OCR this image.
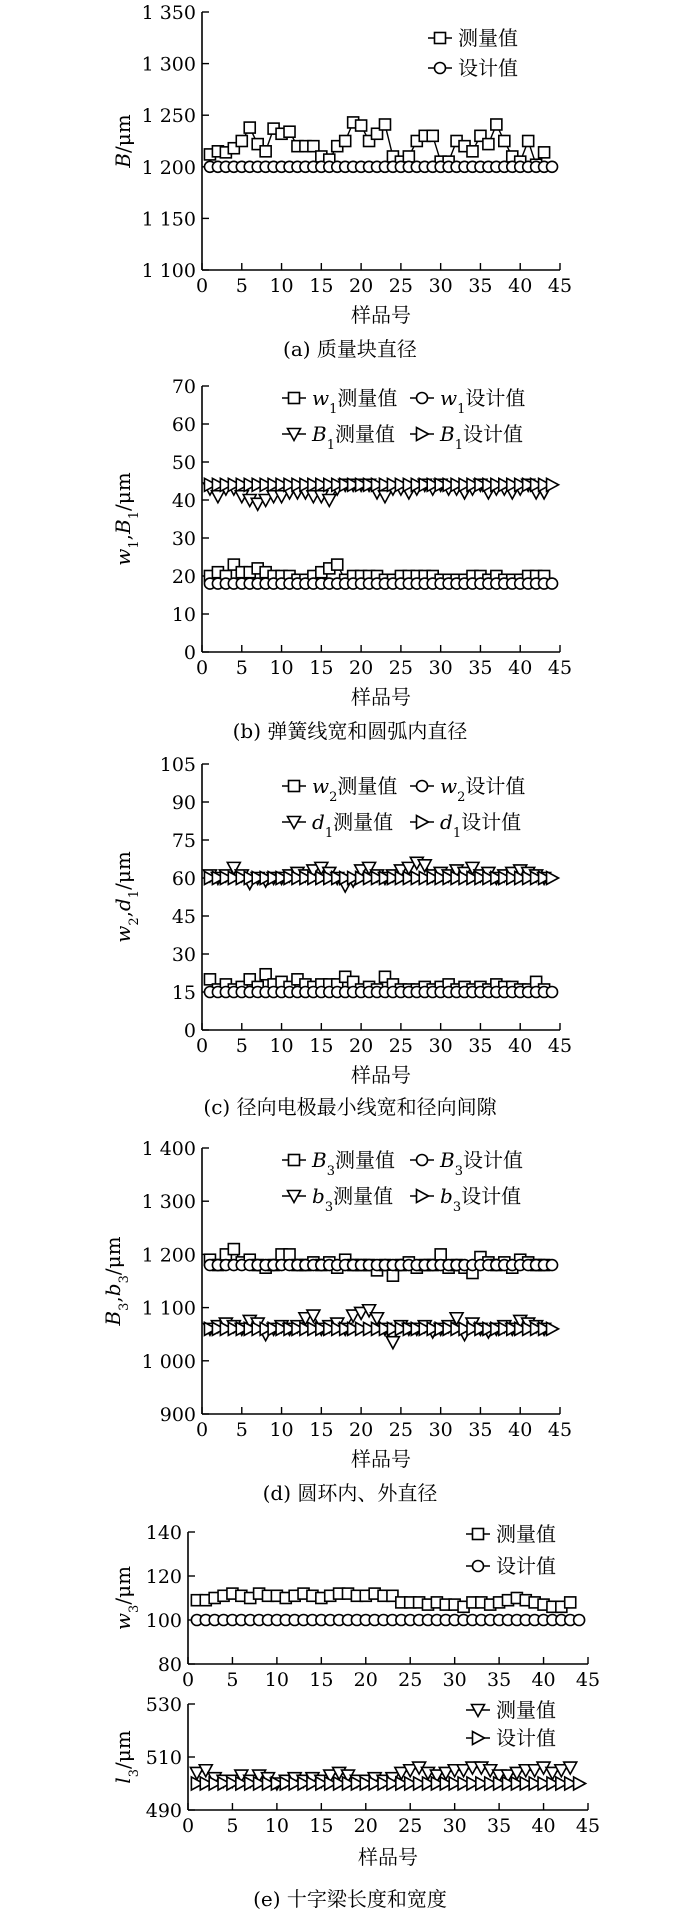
1 100
1 150
1 200
1 250
1 300
1 350
0 5 10 15 20 25 30 35 40 45
B/μm
样品号
(a) 质量块直径
测量值
设计值
0
10
20
30
40
50
60
70
0 5 10 15 20 25 30 35 40 45
$w_1,B_1/\mu m$
样品号
(b) 弹簧线宽和圆弧内直径
$w_1$测量值 $w_1$设计值
$B_1$测量值 $B_1$设计值
0
15
30
45
60
75
90
105
0 5 10 15 20 25 30 35 40 45
$w_2,d_1/\mu m$
样品号
(c) 径向电极最小线宽和径向间隙
$w_2$测量值 $w_2$设计值
$d_1$测量值 $d_1$设计值
900
1 000
1 100
1 200
1 300
1 400
0 5 10 15 20 25 30 35 40 45
$B_3,b_3/\mu m$
样品号
(d) 圆环内、外直径
$B_3$测量值 $B_3$设计值
$b_3$测量值 $b_3$设计值
80
100
120
140
0 5 10 15 20 25 30 35 40 45
$w_3/\mu m$
测量值
设计值
490
510
530
0 5 10 15 20 25 30 35 40 45
$l_3/\mu m$
样品号
(e) 十字梁长度和宽度
测量值
设计值
